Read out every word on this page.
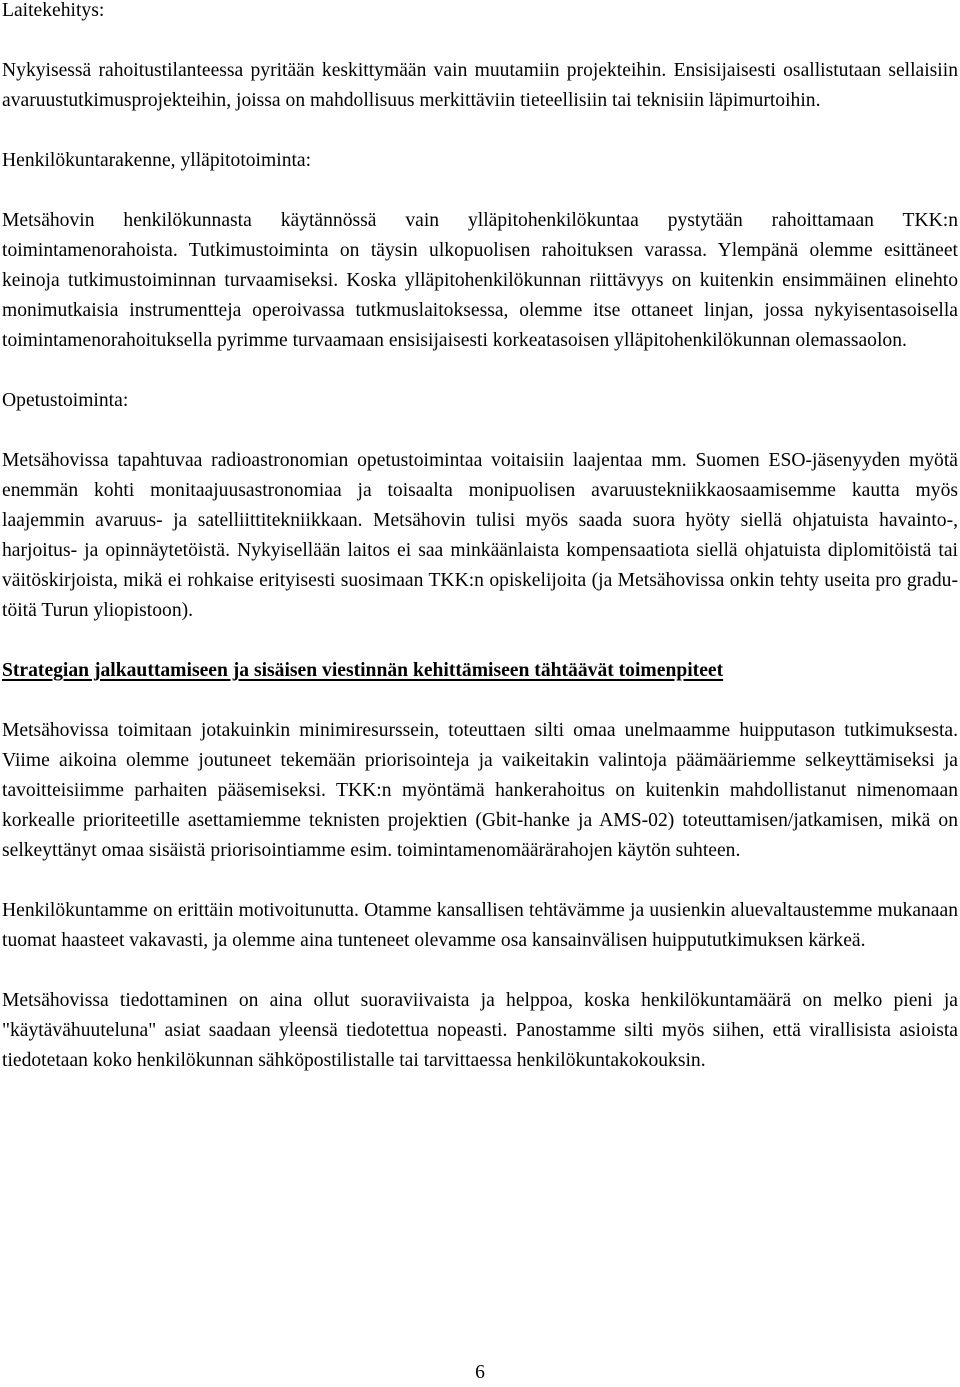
Laitekehitys:

Nykyisessä rahoitustilanteessa pyritään keskittymään vain muutamiin projekteihin. Ensisijaisesti osallistutaan sellaisiin avaruustutkimusprojekteihin, joissa on mahdollisuus merkittäviin tieteellisiin tai teknisiin läpimurtoihin.

Henkilökuntarakenne, ylläpitotoiminta:

Metsähovin henkilökunnasta käytännössä vain ylläpitohenkilökuntaa pystytään rahoittamaan TKK:n toimintamenorahoista. Tutkimustoiminta on täysin ulkopuolisen rahoituksen varassa. Ylempänä olemme esittäneet keinoja tutkimustoiminnan turvaamiseksi. Koska ylläpitohenkilökunnan riittävyys on kuitenkin ensimmäinen elinehto monimutkaisia instrumentteja operoivassa tutkmuslaitoksessa, olemme itse ottaneet linjan, jossa nykyisentasoisella toimintamenorahoituksella pyrimme turvaamaan ensisijaisesti korkeatasoisen ylläpitohenkilökunnan olemassaolon.

Opetustoiminta:

Metsähovissa tapahtuvaa radioastronomian opetustoimintaa voitaisiin laajentaa mm. Suomen ESO-jäsenyyden myötä enemmän kohti monitaajuusastronomiaa ja toisaalta monipuolisen avaruustekniikkaosaamisemme kautta myös laajemmin avaruus- ja satelliittitekniikkaan. Metsähovin tulisi myös saada suora hyöty siellä ohjatuista havainto-, harjoitus- ja opinnäytetöistä. Nykyisellään laitos ei saa minkäänlaista kompensaatiota siellä ohjatuista diplomitöistä tai väitöskirjoista, mikä ei rohkaise erityisesti suosimaan TKK:n opiskelijoita (ja Metsähovissa onkin tehty useita pro gradu-töitä Turun yliopistoon).

Strategian jalkauttamiseen ja sisäisen viestinnän kehittämiseen tähtäävät toimenpiteet

Metsähovissa toimitaan jotakuinkin minimiresurssein, toteuttaen silti omaa unelmaamme huipputason tutkimuksesta. Viime aikoina olemme joutuneet tekemään priorisointeja ja vaikeitakin valintoja päämääriemme selkeyttämiseksi ja tavoitteisiimme parhaiten pääsemiseksi. TKK:n myöntämä hankerahoitus on kuitenkin mahdollistanut nimenomaan korkealle prioriteetille asettamiemme teknisten projektien (Gbit-hanke ja AMS-02) toteuttamisen/jatkamisen, mikä on selkeyttänyt omaa sisäistä priorisointiamme esim. toimintamenomäärärahojen käytön suhteen.

Henkilökuntamme on erittäin motivoitunutta. Otamme kansallisen tehtävämme ja uusienkin aluevaltaustemme mukanaan tuomat haasteet vakavasti, ja olemme aina tunteneet olevamme osa kansainvälisen huippututkimuksen kärkeä.

Metsähovissa tiedottaminen on aina ollut suoraviivaista ja helppoa, koska henkilökuntamäärä on melko pieni ja "käytävähuuteluna" asiat saadaan yleensä tiedotettua nopeasti. Panostamme silti myös siihen, että virallisista asioista tiedotetaan koko henkilökunnan sähköpostilistalle tai tarvittaessa henkilökuntakokouksin.

6
